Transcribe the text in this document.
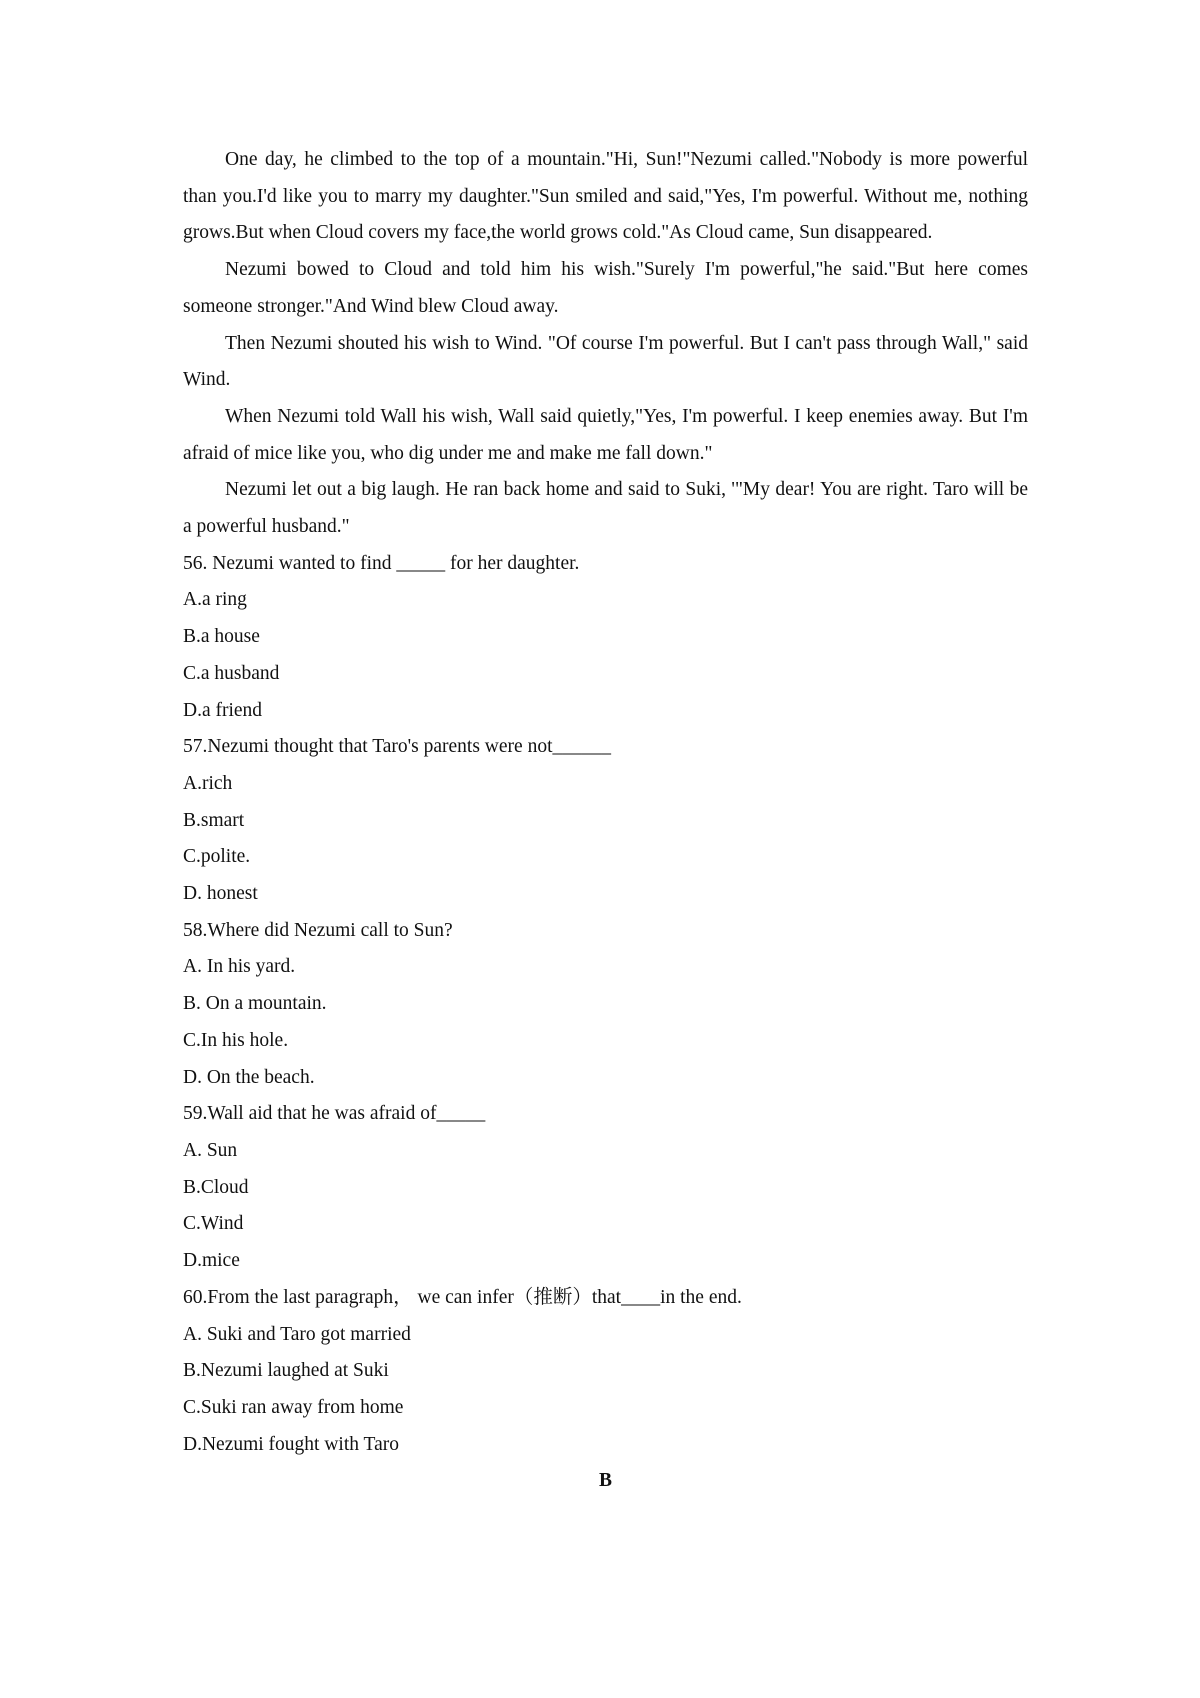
One day, he climbed to the top of a mountain."Hi, Sun!"Nezumi called."Nobody is more powerful than you.I'd like you to marry my daughter."Sun smiled and said,"Yes, I'm powerful. Without me, nothing grows.But when Cloud covers my face,the world grows cold."As Cloud came, Sun disappeared.

Nezumi bowed to Cloud and told him his wish."Surely I'm powerful,"he said."But here comes someone stronger."And Wind blew Cloud away.

Then Nezumi shouted his wish to Wind. "Of course I'm powerful. But I can't pass through Wall," said Wind.

When Nezumi told Wall his wish, Wall said quietly,"Yes, I'm powerful. I keep enemies away. But I'm afraid of mice like you, who dig under me and make me fall down."

Nezumi let out a big laugh. He ran back home and said to Suki, '"My dear! You are right. Taro will be a powerful husband."

56. Nezumi wanted to find _____ for her daughter.

A.a ring

B.a house

C.a husband

D.a friend

57.Nezumi thought that Taro's parents were not______

A.rich

B.smart

C.polite.

D. honest

58.Where did Nezumi call to Sun?

A. In his yard.

B. On a mountain.

C.In his hole.

D. On the beach.

59.Wall aid that he was afraid of_____

A. Sun

B.Cloud

C.Wind

D.mice

60.From the last paragraph， we can infer（推断）that____in the end.

A. Suki and Taro got married

B.Nezumi laughed at Suki

C.Suki ran away from home

D.Nezumi fought with Taro

B
